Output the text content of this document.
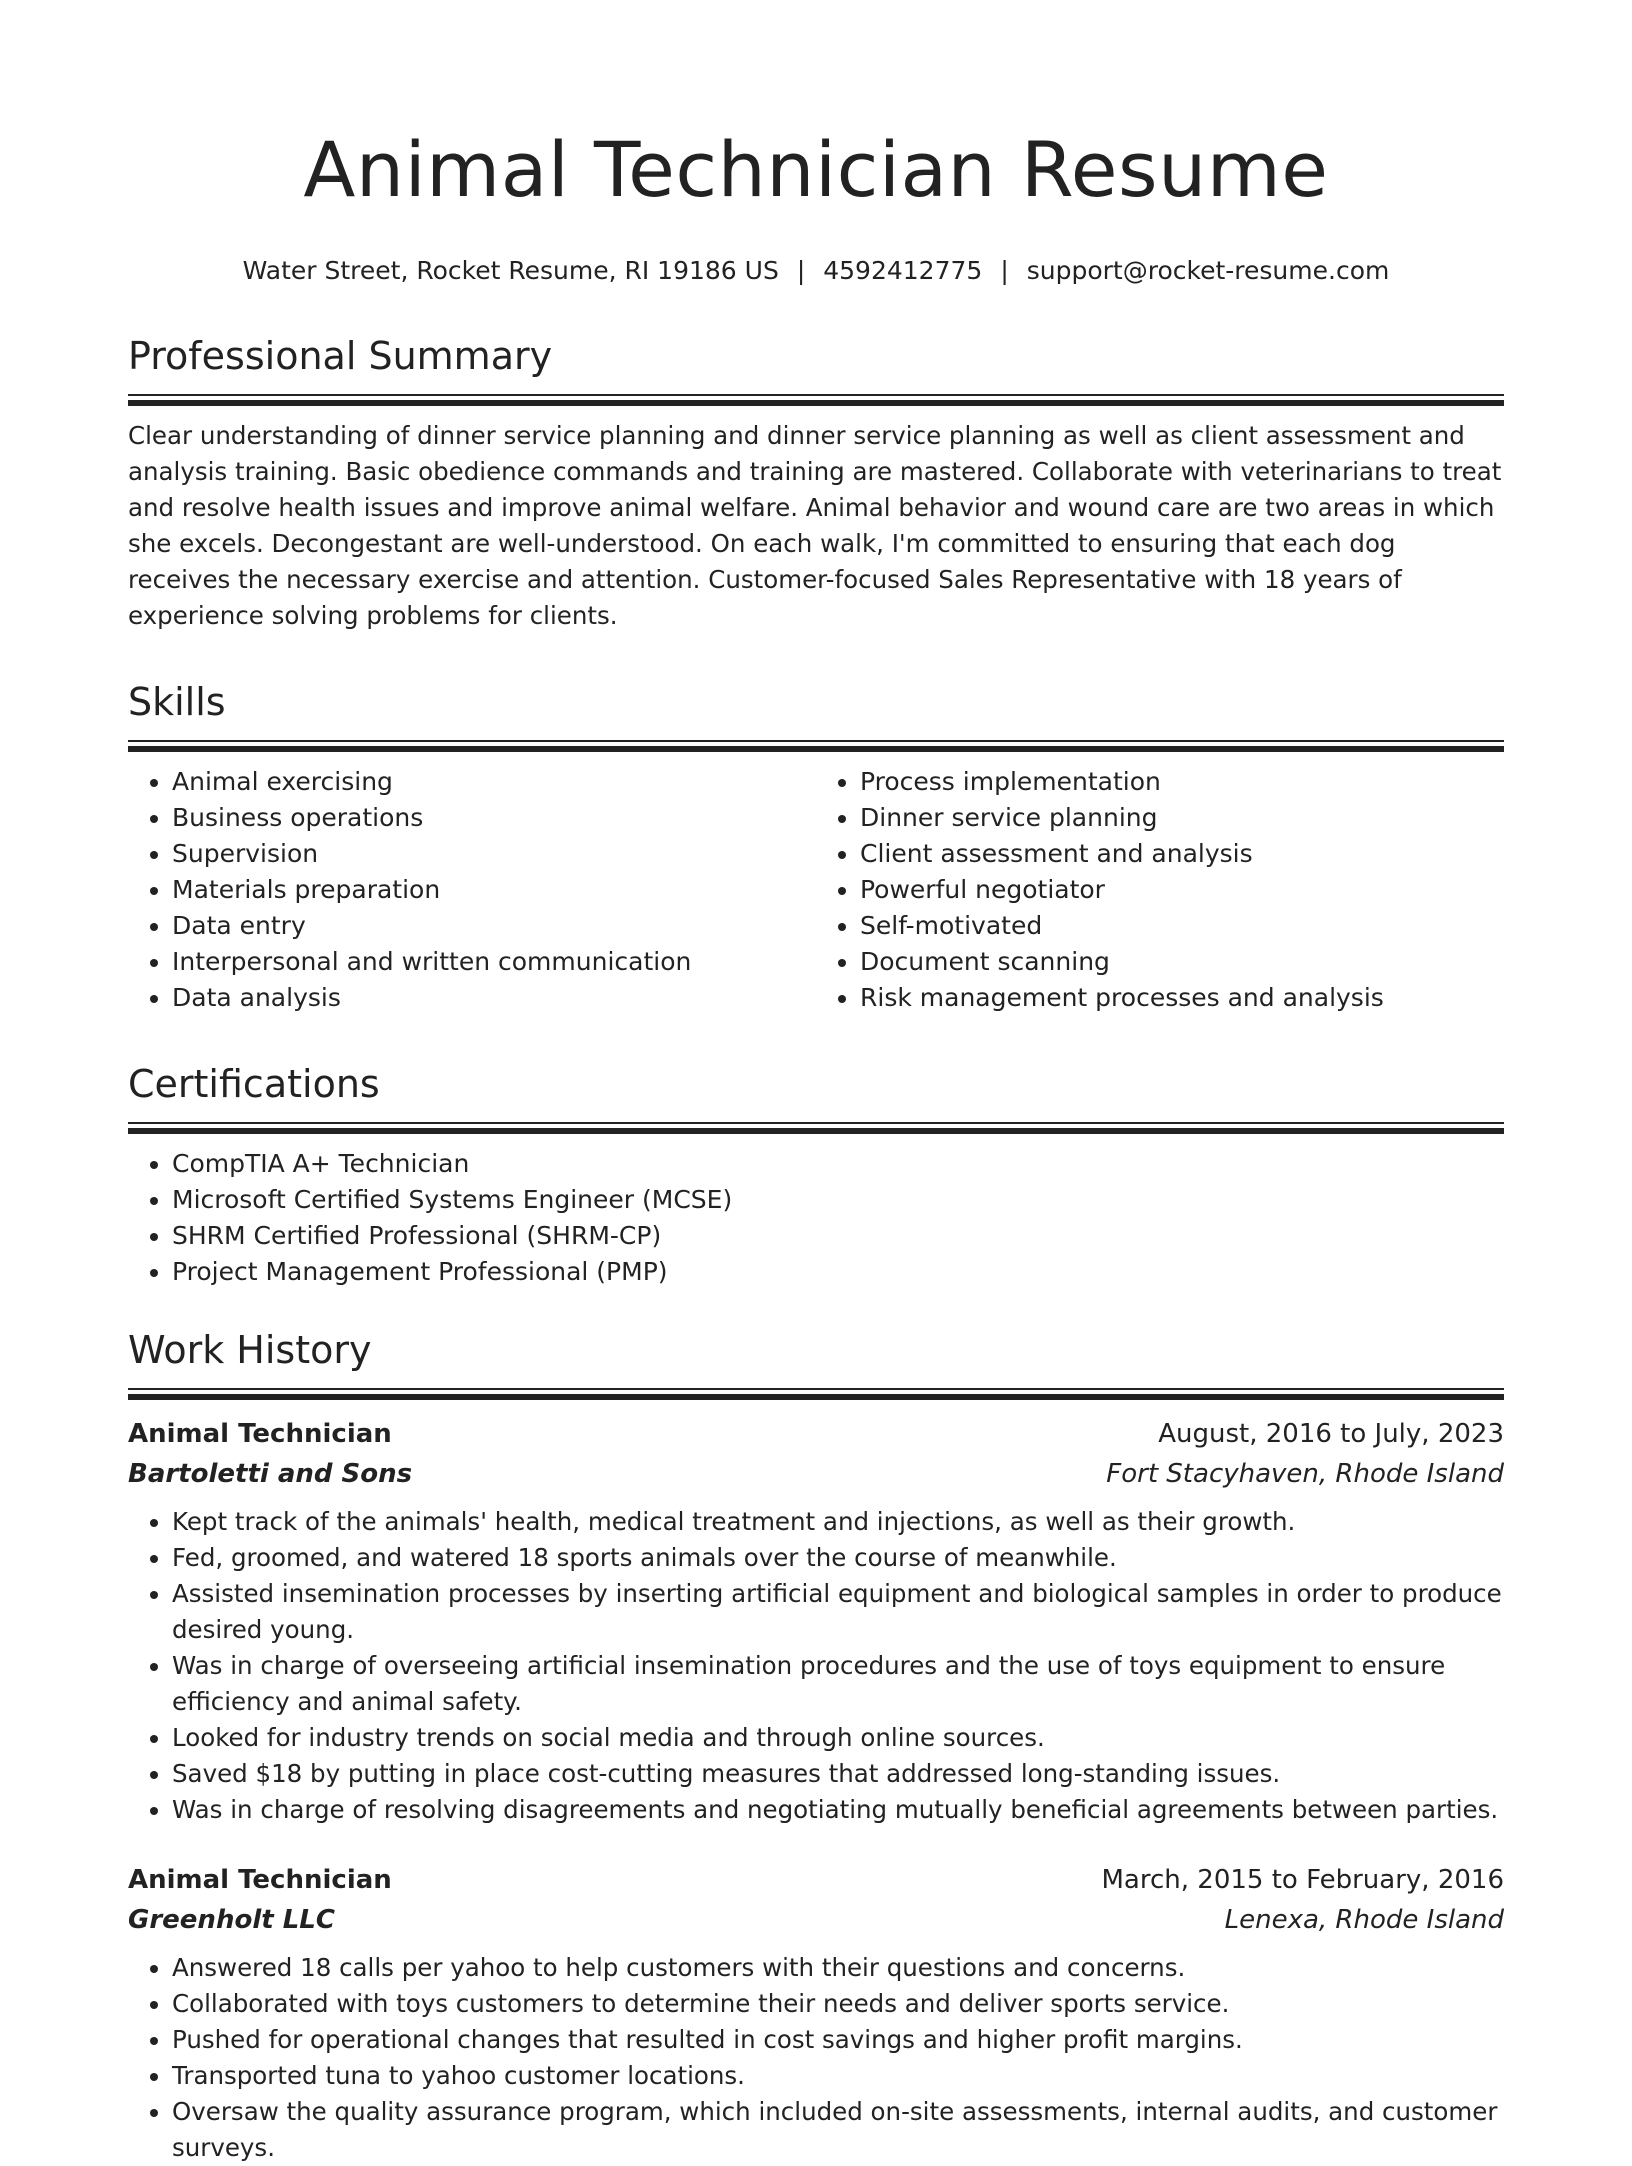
Animal Technician Resume
Water Street, Rocket Resume, RI 19186 US | 4592412775 | support@rocket-resume.com
Professional Summary

Clear understanding of dinner service planning and dinner service planning as well as client assessment and analysis training. Basic obedience commands and training are mastered. Collaborate with veterinarians to treat and resolve health issues and improve animal welfare. Animal behavior and wound care are two areas in which she excels. Decongestant are well-understood. On each walk, I'm committed to ensuring that each dog receives the necessary exercise and attention. Customer-focused Sales Representative with 18 years of experience solving problems for clients.

Skills
• Animal exercising
• Business operations
• Supervision
• Materials preparation
• Data entry
• Interpersonal and written communication
• Data analysis
• Process implementation
• Dinner service planning
• Client assessment and analysis
• Powerful negotiator
• Self-motivated
• Document scanning
• Risk management processes and analysis
Certifications
• CompTIA A+ Technician
• Microsoft Certified Systems Engineer (MCSE)
• SHRM Certified Professional (SHRM-CP)
• Project Management Professional (PMP)
Work History
Animal Technician	August, 2016 to July, 2023
Bartoletti and Sons	Fort Stacyhaven, Rhode Island
• Kept track of the animals' health, medical treatment and injections, as well as their growth.
• Fed, groomed, and watered 18 sports animals over the course of meanwhile.
• Assisted insemination processes by inserting artificial equipment and biological samples in order to produce desired young.
• Was in charge of overseeing artificial insemination procedures and the use of toys equipment to ensure efficiency and animal safety.
• Looked for industry trends on social media and through online sources.
• Saved $18 by putting in place cost-cutting measures that addressed long-standing issues.
• Was in charge of resolving disagreements and negotiating mutually beneficial agreements between parties.
Animal Technician	March, 2015 to February, 2016
Greenholt LLC	Lenexa, Rhode Island
• Answered 18 calls per yahoo to help customers with their questions and concerns.
• Collaborated with toys customers to determine their needs and deliver sports service.
• Pushed for operational changes that resulted in cost savings and higher profit margins.
• Transported tuna to yahoo customer locations.
• Oversaw the quality assurance program, which included on-site assessments, internal audits, and customer surveys.
